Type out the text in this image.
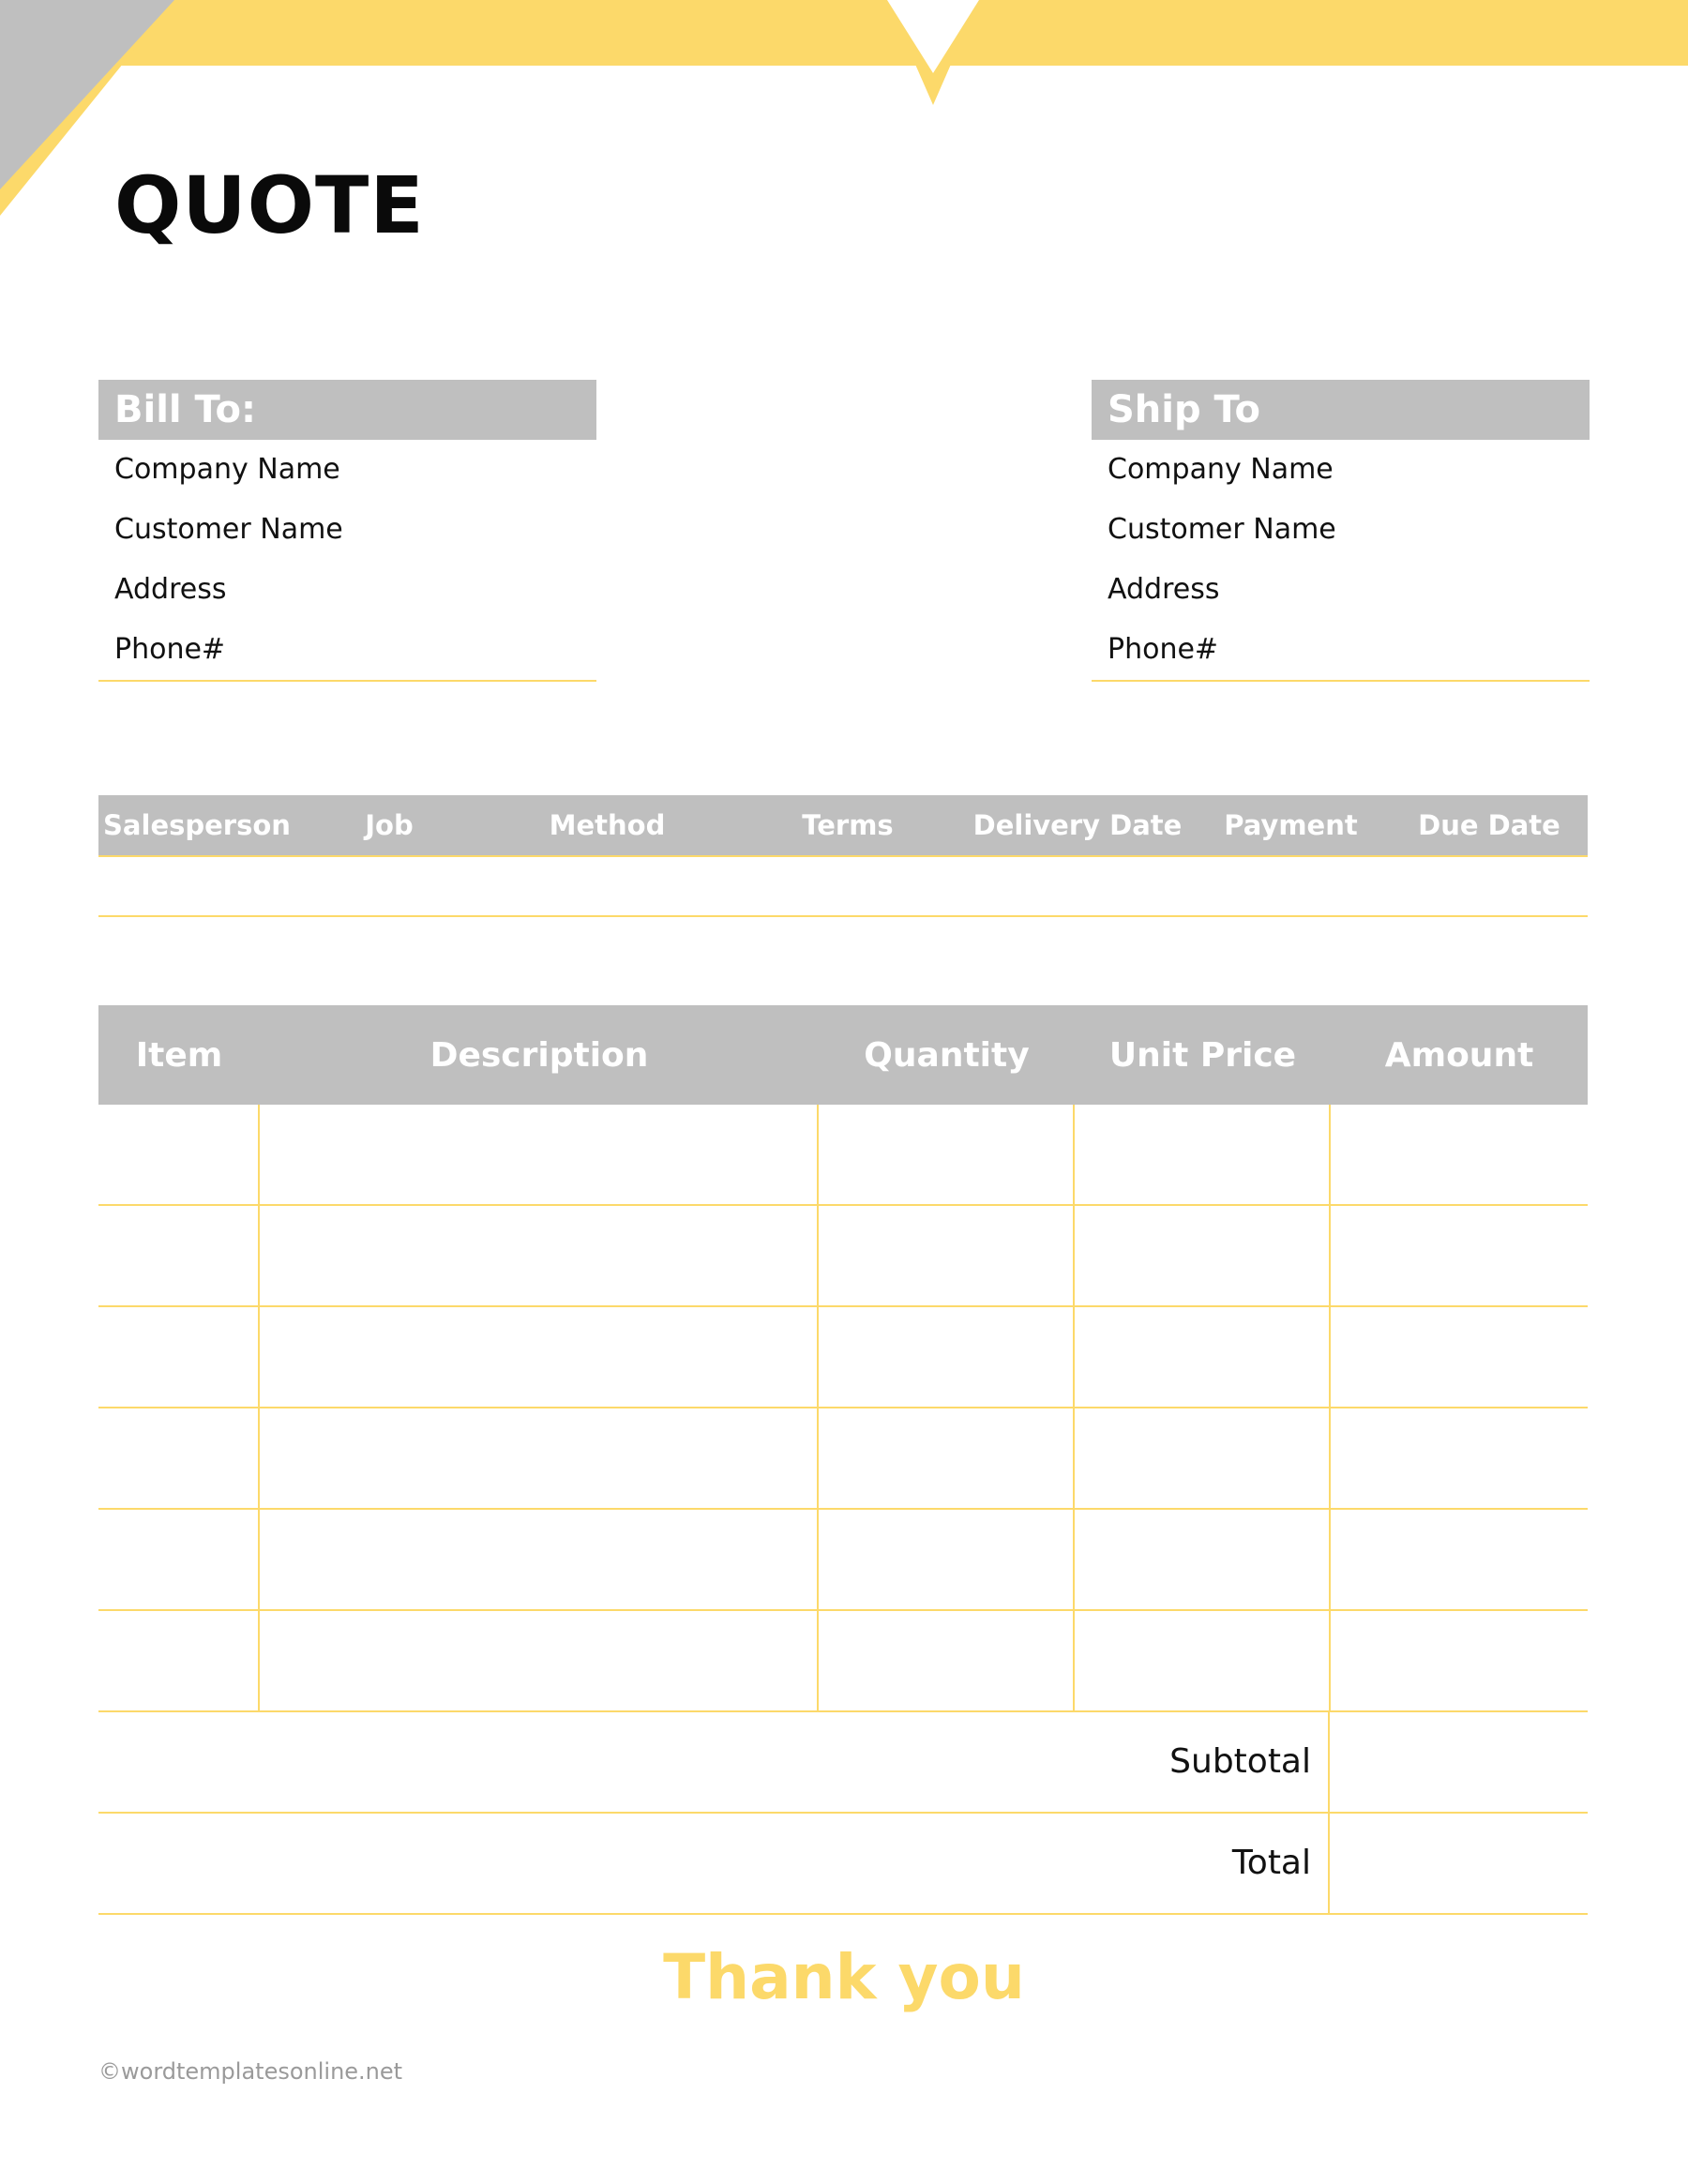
QUOTE
Bill To:
Company Name
Customer Name
Address
Phone#
Ship To
Company Name
Customer Name
Address
Phone#
Salesperson	Job	Method	Terms	Delivery Date	Payment	Due Date
Item	Description	Quantity	Unit Price	Amount
Subtotal
Total
Thank you
©wordtemplatesonline.net
